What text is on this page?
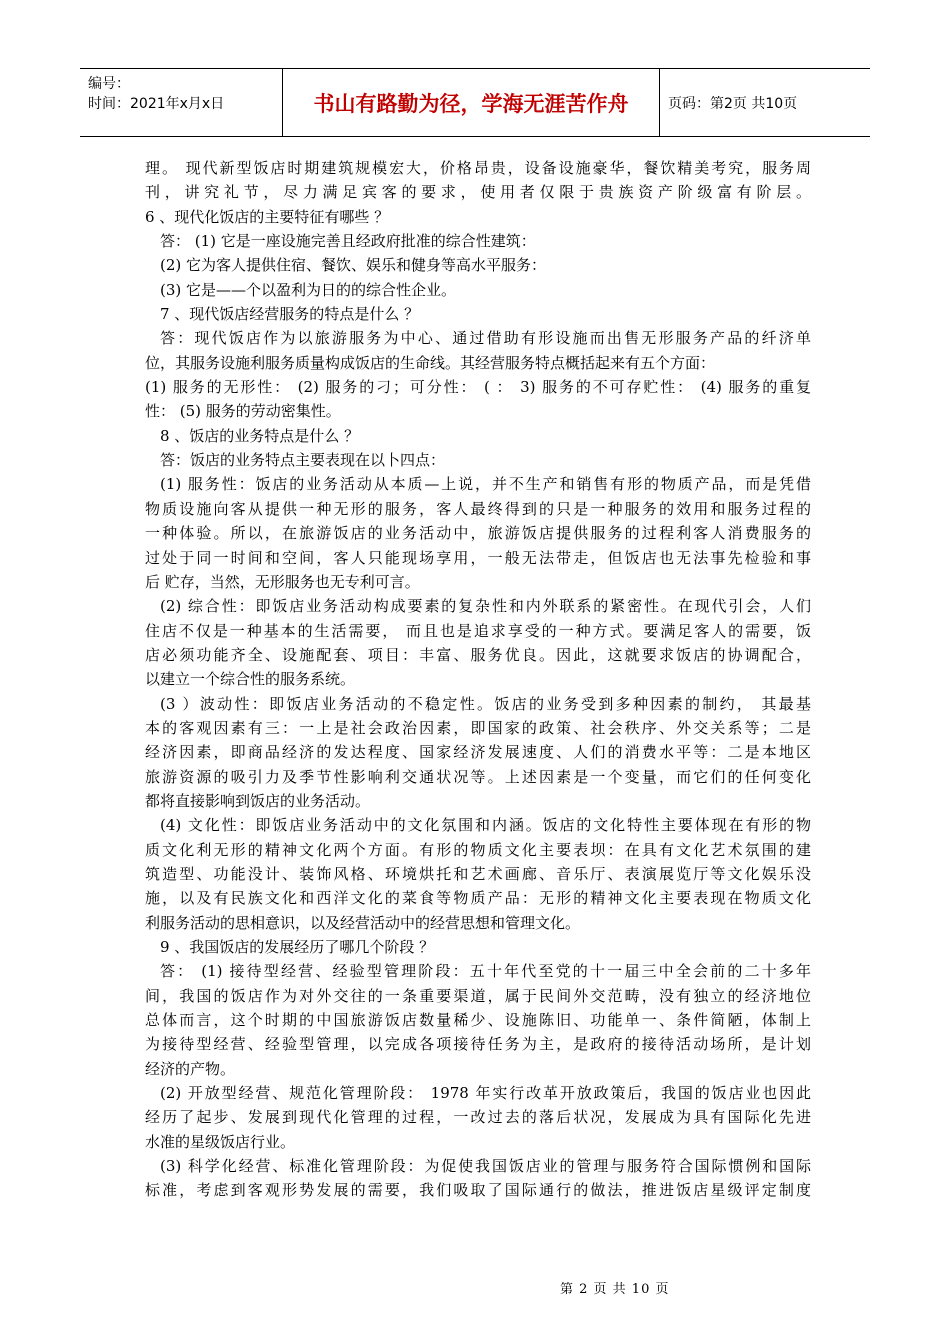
编号：
时间：2021年x月x日	书山有路勤为径，学海无涯苦作舟	页码：第2页 共10页
理。 现代新型饭店时期建筑规模宏大，价格昂贵，设备设施豪华，餐饮精美考究，服务周
刊，讲究礼节，尽力满足宾客的要求，使用者仅限于贵族资产阶级富有阶层。
6 、现代化饭店的主要特征有哪些 ？
答： (1) 它是一座设施完善且经政府批准的综合性建筑：
(2) 它为客人提供住宿、餐饮、娱乐和健身等高水平服务：
(3) 它是——个以盈利为日的的综合性企业。
7 、现代饭店经营服务的特点是什么 ？
答：现代饭店作为以旅游服务为中心、通过借助有形设施而出售无形服务产品的纤济单
位，其服务设施利服务质量构成饭店的生命线。其经营服务特点概括起来有五个方面：
(1) 服务的无形性： (2) 服务的刁；可分性： ( ： 3) 服务的不可存贮性： (4) 服务的重复
性： (5) 服务的劳动密集性。
8 、饭店的业务特点是什么 ？
答：饭店的业务特点主要表现在以卜四点：
(1) 服务性：饭店的业务活动从本质—上说，并不生产和销售有形的物质产品，而是凭借
物质设施向客从提供一种无形的服务，客人最终得到的只是一种服务的效用和服务过程的
一种体验。所以，在旅游饭店的业务活动中，旅游饭店提供服务的过程利客人消费服务的
过处于同一时间和空间，客人只能现场享用，一般无法带走，但饭店也无法事先检验和事
后 贮存，当然，无形服务也无专利可言。
(2) 综合性：即饭店业务活动构成要素的复杂性和内外联系的紧密性。在现代引会，人们
住店不仅是一种基本的生活需要， 而且也是追求享受的一种方式。要满足客人的需要，饭
店必须功能齐全、设施配套、项目：丰富、服务优良。因此，这就要求饭店的协调配合，
以建立一个综合性的服务系统。
(3 ）波动性：即饭店业务活动的不稳定性。饭店的业务受到多种因素的制约， 其最基
本的客观因素有三：一上是社会政治因素，即国家的政策、社会秩序、外交关系等；二是
经济因素，即商品经济的发达程度、国家经济发展速度、人们的消费水平等：二是本地区
旅游资源的吸引力及季节性影响利交通状况等。上述因素是一个变量，而它们的任何变化
都将直接影响到饭店的业务活动。
(4) 文化性：即饭店业务活动中的文化氛围和内涵。饭店的文化特性主要体现在有形的物
质文化利无形的精神文化两个方面。有形的物质文化主要表坝：在具有文化艺术氛围的建
筑造型、功能没计、装饰风格、环境烘托和艺术画廊、音乐厅、表演展览厅等文化娱乐没
施，以及有民族文化和西洋文化的菜食等物质产品：无形的精神文化主要表现在物质文化
利服务活动的思相意识，以及经营活动中的经营思想和管理文化。
9 、我国饭店的发展经历了哪几个阶段 ？
答： (1) 接待型经营、经验型管理阶段：五十年代至党的十一届三中全会前的二十多年
间，我国的饭店作为对外交往的一条重要渠道，属于民间外交范畴，没有独立的经济地位
总体而言，这个时期的中国旅游饭店数量稀少、设施陈旧、功能单一、条件简陋，体制上
为接待型经营、经验型管理，以完成各项接待任务为主，是政府的接待活动场所，是计划
经济的产物。
(2) 开放型经营、规范化管理阶段： 1978 年实行改革开放政策后，我国的饭店业也因此
经历了起步、发展到现代化管理的过程，一改过去的落后状况，发展成为具有国际化先进
水准的星级饭店行业。
(3) 科学化经营、标准化管理阶段：为促使我国饭店业的管理与服务符合国际惯例和国际
标准，考虑到客观形势发展的需要，我们吸取了国际通行的做法，推进饭店星级评定制度
第 2 页 共 10 页
